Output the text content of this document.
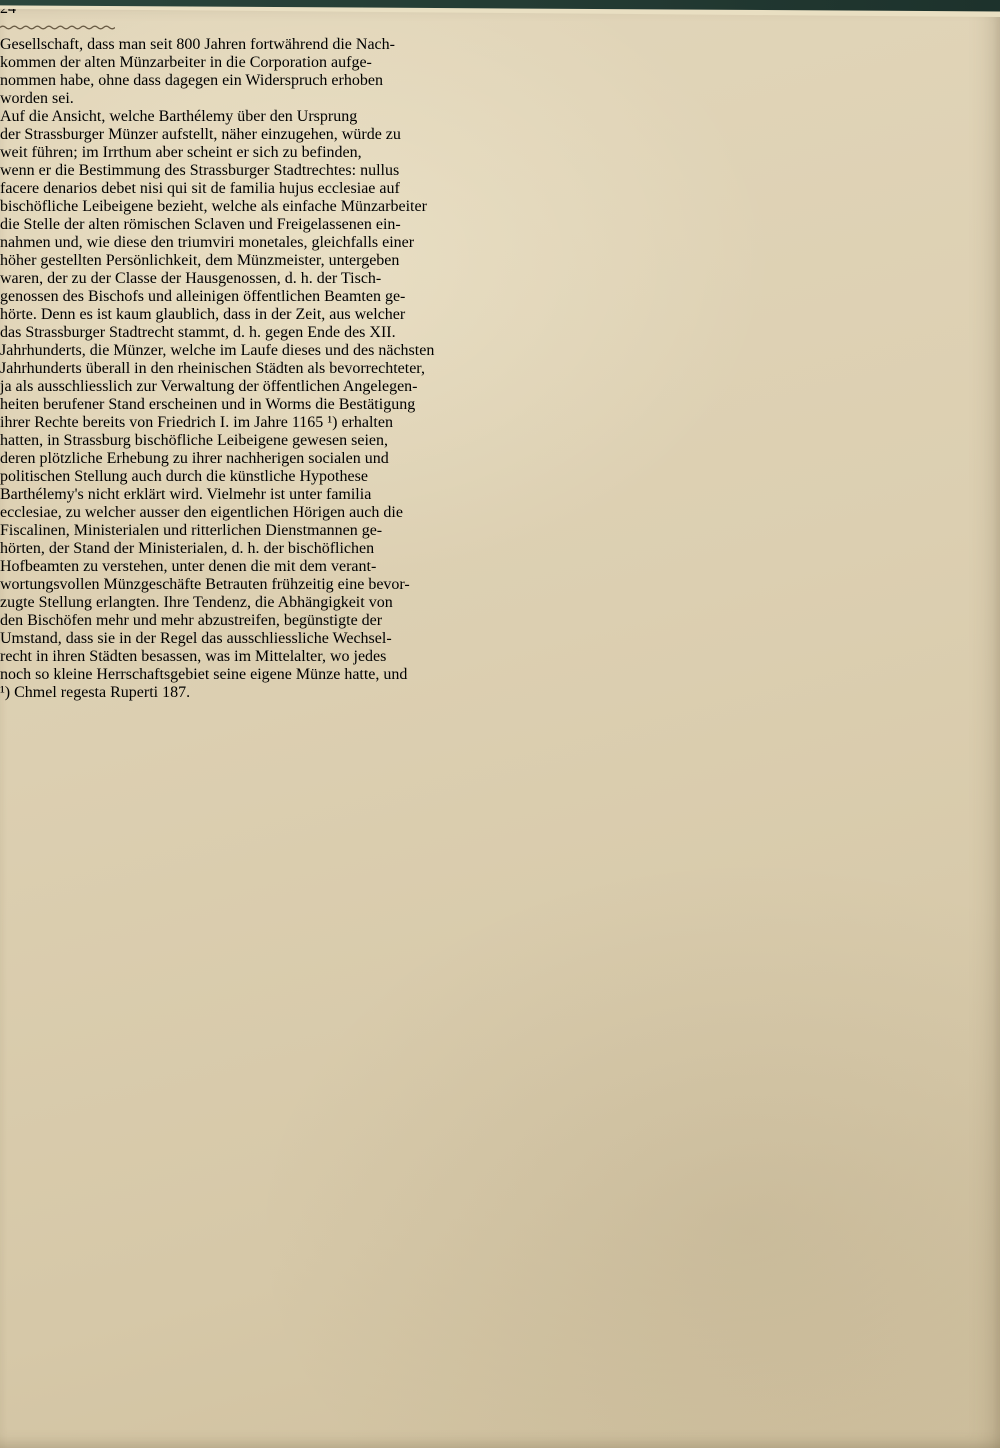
Gesellschaft, dass man seit 800 Jahren fortwährend die Nach-
kommen der alten Münzarbeiter in die Corporation aufge-
nommen habe, ohne dass dagegen ein Widerspruch erhoben
worden sei.
Auf die Ansicht, welche Barthélemy über den Ursprung
der Strassburger Münzer aufstellt, näher einzugehen, würde zu
weit führen; im Irrthum aber scheint er sich zu befinden,
wenn er die Bestimmung des Strassburger Stadtrechtes: nullus
facere denarios debet nisi qui sit de familia hujus ecclesiae auf
bischöfliche Leibeigene bezieht, welche als einfache Münzarbeiter
die Stelle der alten römischen Sclaven und Freigelassenen ein-
nahmen und, wie diese den triumviri monetales, gleichfalls einer
höher gestellten Persönlichkeit, dem Münzmeister, untergeben
waren, der zu der Classe der Hausgenossen, d. h. der Tisch-
genossen des Bischofs und alleinigen öffentlichen Beamten ge-
hörte. Denn es ist kaum glaublich, dass in der Zeit, aus welcher
das Strassburger Stadtrecht stammt, d. h. gegen Ende des XII.
Jahrhunderts, die Münzer, welche im Laufe dieses und des nächsten
Jahrhunderts überall in den rheinischen Städten als bevorrechteter,
ja als ausschliesslich zur Verwaltung der öffentlichen Angelegen-
heiten berufener Stand erscheinen und in Worms die Bestätigung
ihrer Rechte bereits von Friedrich I. im Jahre 1165 ¹) erhalten
hatten, in Strassburg bischöfliche Leibeigene gewesen seien,
deren plötzliche Erhebung zu ihrer nachherigen socialen und
politischen Stellung auch durch die künstliche Hypothese
Barthélemy's nicht erklärt wird. Vielmehr ist unter familia
ecclesiae, zu welcher ausser den eigentlichen Hörigen auch die
Fiscalinen, Ministerialen und ritterlichen Dienstmannen ge-
hörten, der Stand der Ministerialen, d. h. der bischöflichen
Hofbeamten zu verstehen, unter denen die mit dem verant-
wortungsvollen Münzgeschäfte Betrauten frühzeitig eine bevor-
zugte Stellung erlangten. Ihre Tendenz, die Abhängigkeit von
den Bischöfen mehr und mehr abzustreifen, begünstigte der
Umstand, dass sie in der Regel das ausschliessliche Wechsel-
recht in ihren Städten besassen, was im Mittelalter, wo jedes
noch so kleine Herrschaftsgebiet seine eigene Münze hatte, und
¹) Chmel regesta Ruperti 187.
